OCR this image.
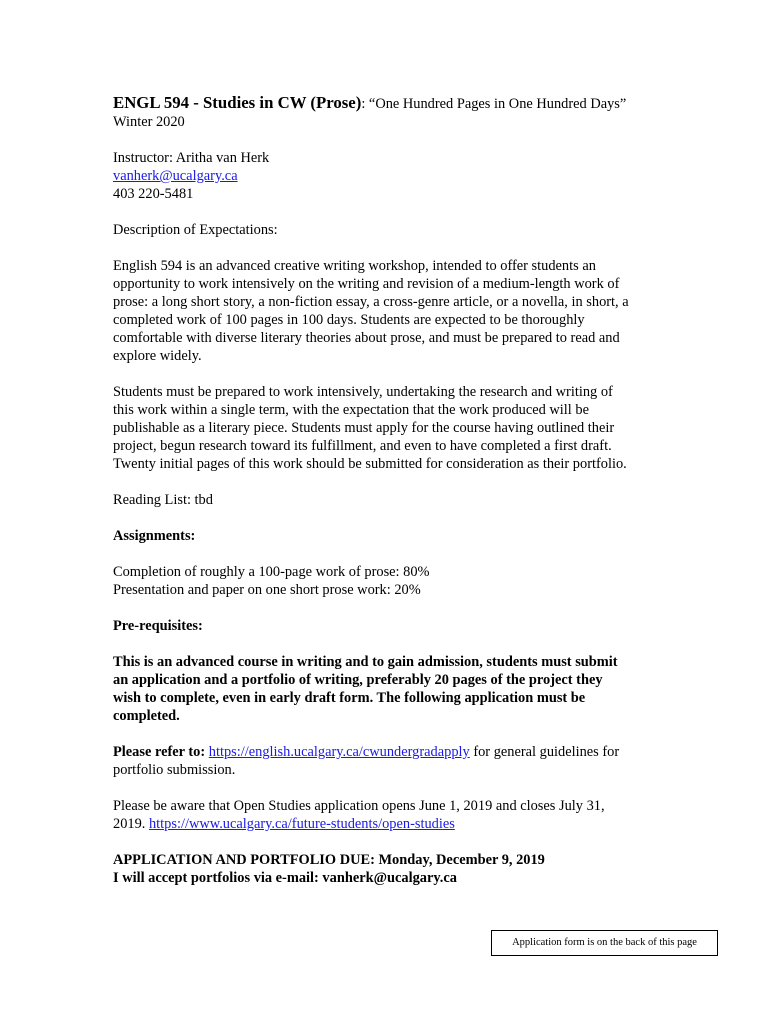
ENGL 594 - Studies in CW (Prose): “One Hundred Pages in One Hundred Days”

Winter 2020

Instructor: Aritha van Herk

vanherk@ucalgary.ca

403 220-5481

Description of Expectations:

English 594 is an advanced creative writing workshop, intended to offer students an
opportunity to work intensively on the writing and revision of a medium-length work of
prose: a long short story, a non-fiction essay, a cross-genre article, or a novella, in short, a
completed work of 100 pages in 100 days. Students are expected to be thoroughly
comfortable with diverse literary theories about prose, and must be prepared to read and
explore widely.

Students must be prepared to work intensively, undertaking the research and writing of
this work within a single term, with the expectation that the work produced will be
publishable as a literary piece. Students must apply for the course having outlined their
project, begun research toward its fulfillment, and even to have completed a first draft.
Twenty initial pages of this work should be submitted for consideration as their portfolio.

Reading List: tbd

Assignments:

Completion of roughly a 100-page work of prose: 80%

Presentation and paper on one short prose work: 20%

Pre-requisites:

This is an advanced course in writing and to gain admission, students must submit
an application and a portfolio of writing, preferably 20 pages of the project they
wish to complete, even in early draft form. The following application must be
completed.

Please refer to: https://english.ucalgary.ca/cwundergradapply for general guidelines for
portfolio submission.

Please be aware that Open Studies application opens June 1, 2019 and closes July 31,
2019. https://www.ucalgary.ca/future-students/open-studies

APPLICATION AND PORTFOLIO DUE: Monday, December 9, 2019
I will accept portfolios via e-mail: vanherk@ucalgary.ca

Application form is on the back of this page
